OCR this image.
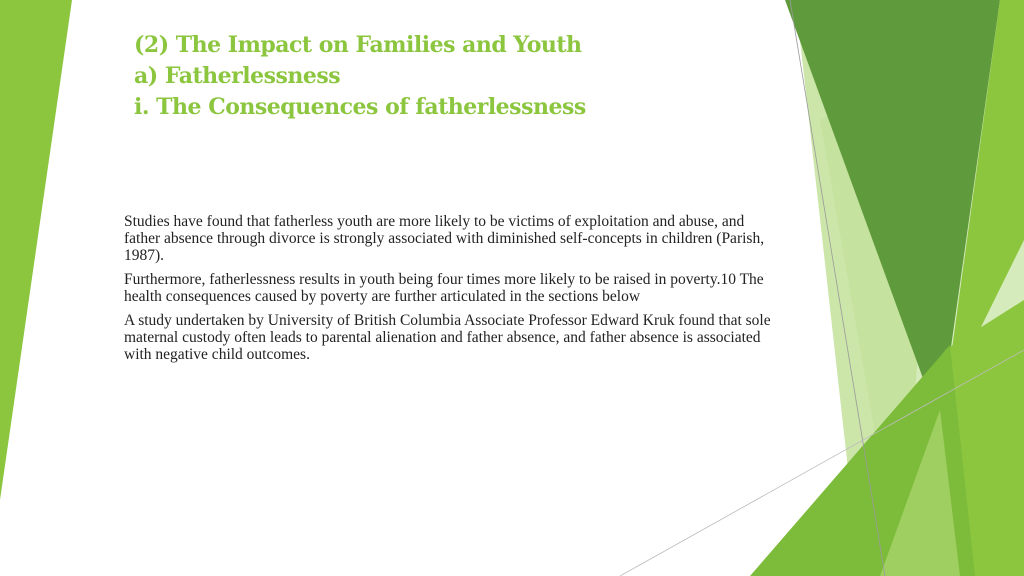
(2) The Impact on Families and Youth
a) Fatherlessness
i. The Consequences of fatherlessness

Studies have found that fatherless youth are more likely to be victims of exploitation and abuse, and father absence through divorce is strongly associated with diminished self-concepts in children (Parish, 1987).

Furthermore, fatherlessness results in youth being four times more likely to be raised in poverty.10 The health consequences caused by poverty are further articulated in the sections below

A study undertaken by University of British Columbia Associate Professor Edward Kruk found that sole maternal custody often leads to parental alienation and father absence, and father absence is associated with negative child outcomes.
